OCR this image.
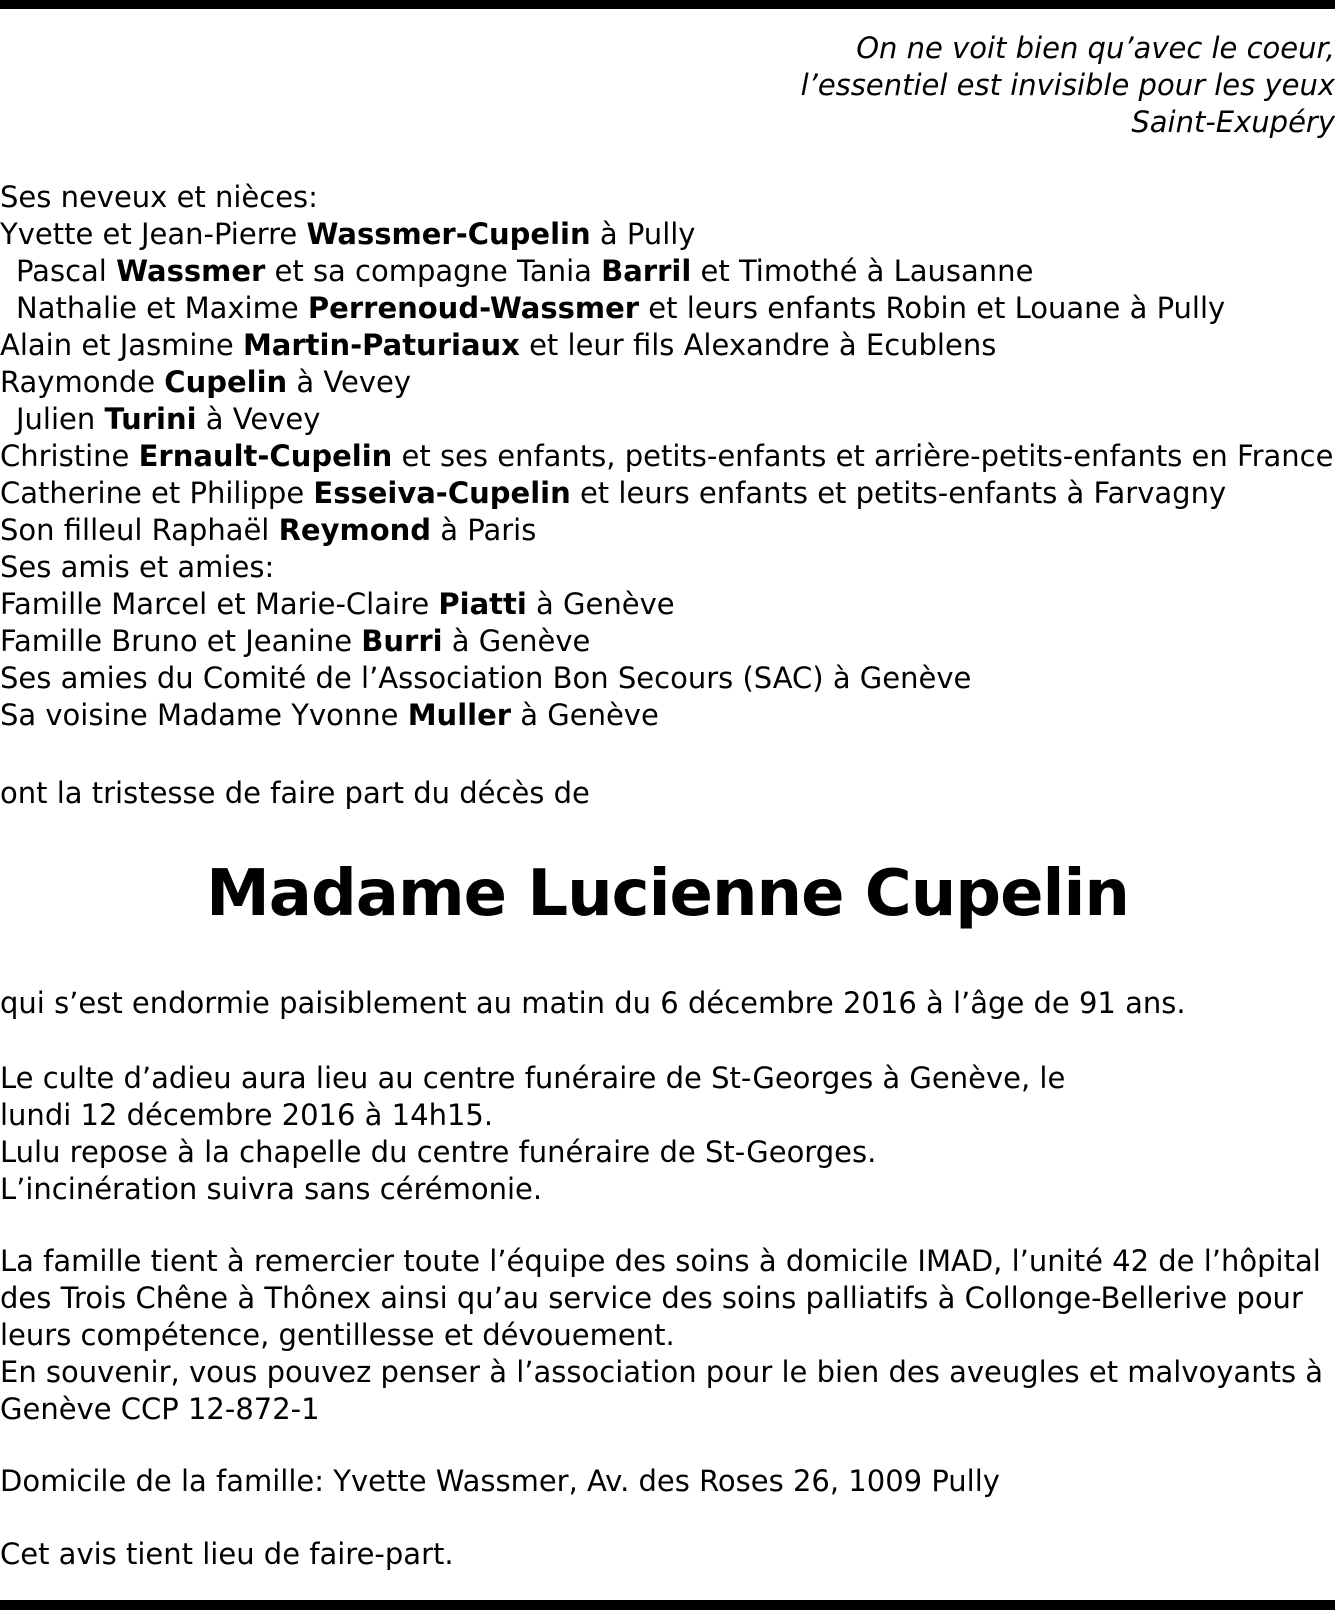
On ne voit bien qu’avec le coeur,
l’essentiel est invisible pour les yeux
Saint-Exupéry
Ses neveux et nièces:
Yvette et Jean-Pierre Wassmer-Cupelin à Pully
Pascal Wassmer et sa compagne Tania Barril et Timothé à Lausanne
Nathalie et Maxime Perrenoud-Wassmer et leurs enfants Robin et Louane à Pully
Alain et Jasmine Martin-Paturiaux et leur fils Alexandre à Ecublens
Raymonde Cupelin à Vevey
Julien Turini à Vevey
Christine Ernault-Cupelin et ses enfants, petits-enfants et arrière-petits-enfants en France
Catherine et Philippe Esseiva-Cupelin et leurs enfants et petits-enfants à Farvagny
Son filleul Raphaël Reymond à Paris
Ses amis et amies:
Famille Marcel et Marie-Claire Piatti à Genève
Famille Bruno et Jeanine Burri à Genève
Ses amies du Comité de l’Association Bon Secours (SAC) à Genève
Sa voisine Madame Yvonne Muller à Genève
ont la tristesse de faire part du décès de
Madame Lucienne Cupelin
qui s’est endormie paisiblement au matin du 6 décembre 2016 à l’âge de 91 ans.
Le culte d’adieu aura lieu au centre funéraire de St-Georges à Genève, le
lundi 12 décembre 2016 à 14h15.
Lulu repose à la chapelle du centre funéraire de St-Georges.
L’incinération suivra sans cérémonie.
La famille tient à remercier toute l’équipe des soins à domicile IMAD, l’unité 42 de l’hôpital des Trois Chêne à Thônex ainsi qu’au service des soins palliatifs à Collonge-Bellerive pour leurs compétence, gentillesse et dévouement.
En souvenir, vous pouvez penser à l’association pour le bien des aveugles et malvoyants à Genève CCP 12-872-1
Domicile de la famille: Yvette Wassmer, Av. des Roses 26, 1009 Pully
Cet avis tient lieu de faire-part.
